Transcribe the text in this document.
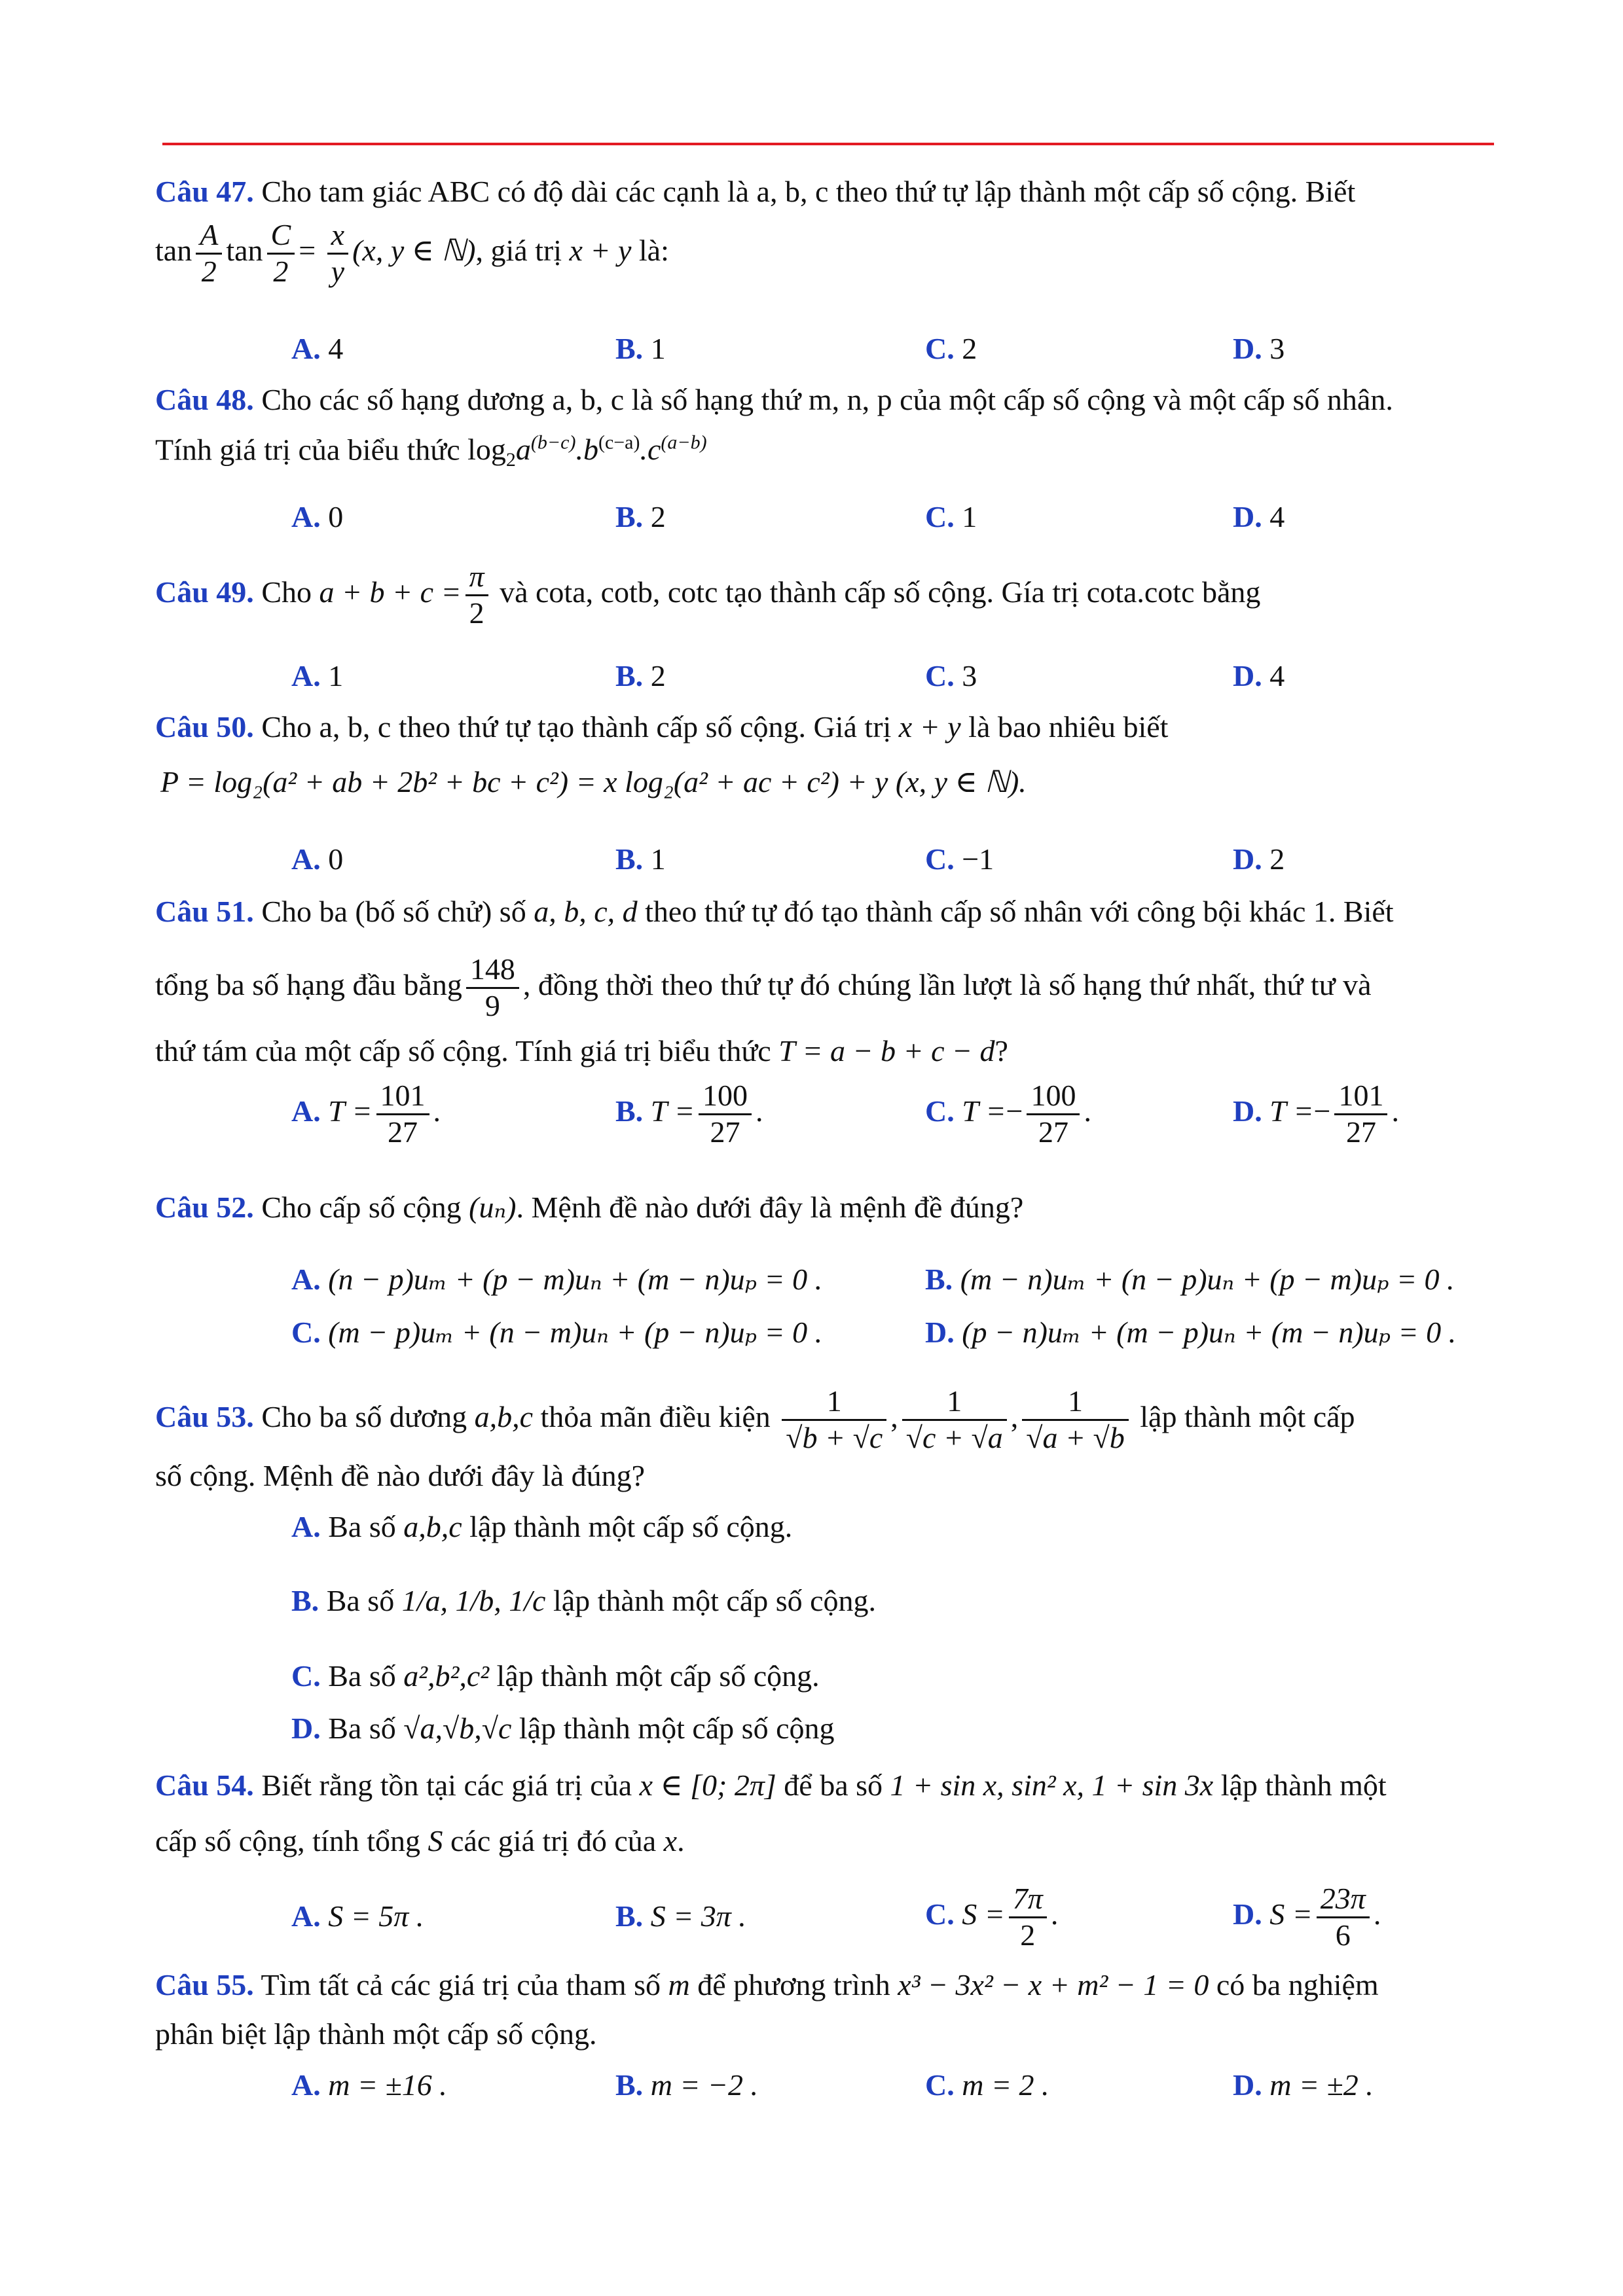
Câu 47. Cho tam giác ABC có độ dài các cạnh là a, b, c theo thứ tự lập thành một cấp số cộng. Biết
$\tan \frac{A}{2}$ $\tan \frac{C}{2} = \frac{x}{y} (x$, y ∈ ℕ), giá trị x + y là:
A. 4	B. 1	C. 2	D. 3
Câu 48. Cho các số hạng dương a, b, c là số hạng thứ m, n, p của một cấp số cộng và một cấp số nhân.
Tính giá trị của biểu thức $\log_2a^{(b-c)}.b^{(c-a)}.c^{(a-b)}$
A. 0	B. 2	C. 1	D. 4
Câu 49. Cho $a + b + c = \frac{\pi}{2}$ và cota, cotb, cotc tạo thành cấp số cộng. Gía trị cota.cotc bằng
A. 1	B. 2	C. 3	D. 4
Câu 50. Cho a, b, c theo thứ tự tạo thành cấp số cộng. Giá trị x + y là bao nhiêu biết
P = log₂(a² + ab + 2b² + bc + c²) = x log₂(a² + ac + c²) + y (x, y ∈ ℕ).
A. 0	B. 1	C. −1	D. 2
Câu 51. Cho ba (bố số chử) số a, b, c, d theo thứ tự đó tạo thành cấp số nhân với công bội khác 1. Biết
tổng ba số hạng đầu bằng $\frac{148}{9}$ , đồng thời theo thứ tự đó chúng lần lượt là số hạng thứ nhất, thứ tư và
thứ tám của một cấp số cộng. Tính giá trị biểu thức T = a − b + c − d?
A. $T = \frac{101}{27}$ .	B. $T = \frac{100}{27}$ .	C. $T =- \frac{100}{27}$ .	D. $T =- \frac{101}{27}$ .
Câu 52. Cho cấp số cộng (uₙ). Mệnh đề nào dưới đây là mệnh đề đúng?
A. (n − p)uₘ + (p − m)uₙ + (m − n)uₚ = 0 .	B. (m − n)uₘ + (n − p)uₙ + (p − m)uₚ = 0 .
C. (m − p)uₘ + (n − m)uₙ + (p − n)uₚ = 0 .	D. (p − n)uₘ + (m − p)uₙ + (m − n)uₚ = 0 .
Câu 53. Cho ba số dương a,b,c thỏa mãn điều kiện $\frac{1}{√b + √c}$ , $\frac{1}{√c + √a}$ , $\frac{1}{√a + √b}$ lập thành một cấp
số cộng. Mệnh đề nào dưới đây là đúng?
A. Ba số a,b,c lập thành một cấp số cộng.
B. Ba số 1/a, 1/b, 1/c lập thành một cấp số cộng.
C. Ba số a²,b²,c² lập thành một cấp số cộng.
D. Ba số √a,√b,√c lập thành một cấp số cộng
Câu 54. Biết rằng tồn tại các giá trị của x ∈ [0; 2π] để ba số 1 + sin x, sin² x, 1 + sin 3x lập thành một
cấp số cộng, tính tổng S các giá trị đó của x.
A. S = 5π .	B. S = 3π .	C. $S = \frac{7\pi}{2}$ .	D. $S = \frac{23\pi}{6}$ .
Câu 55. Tìm tất cả các giá trị của tham số m để phương trình x³ − 3x² − x + m² − 1 = 0 có ba nghiệm
phân biệt lập thành một cấp số cộng.
A. m = ±16 .	B. m = −2 .	C. m = 2 .	D. m = ±2 .
